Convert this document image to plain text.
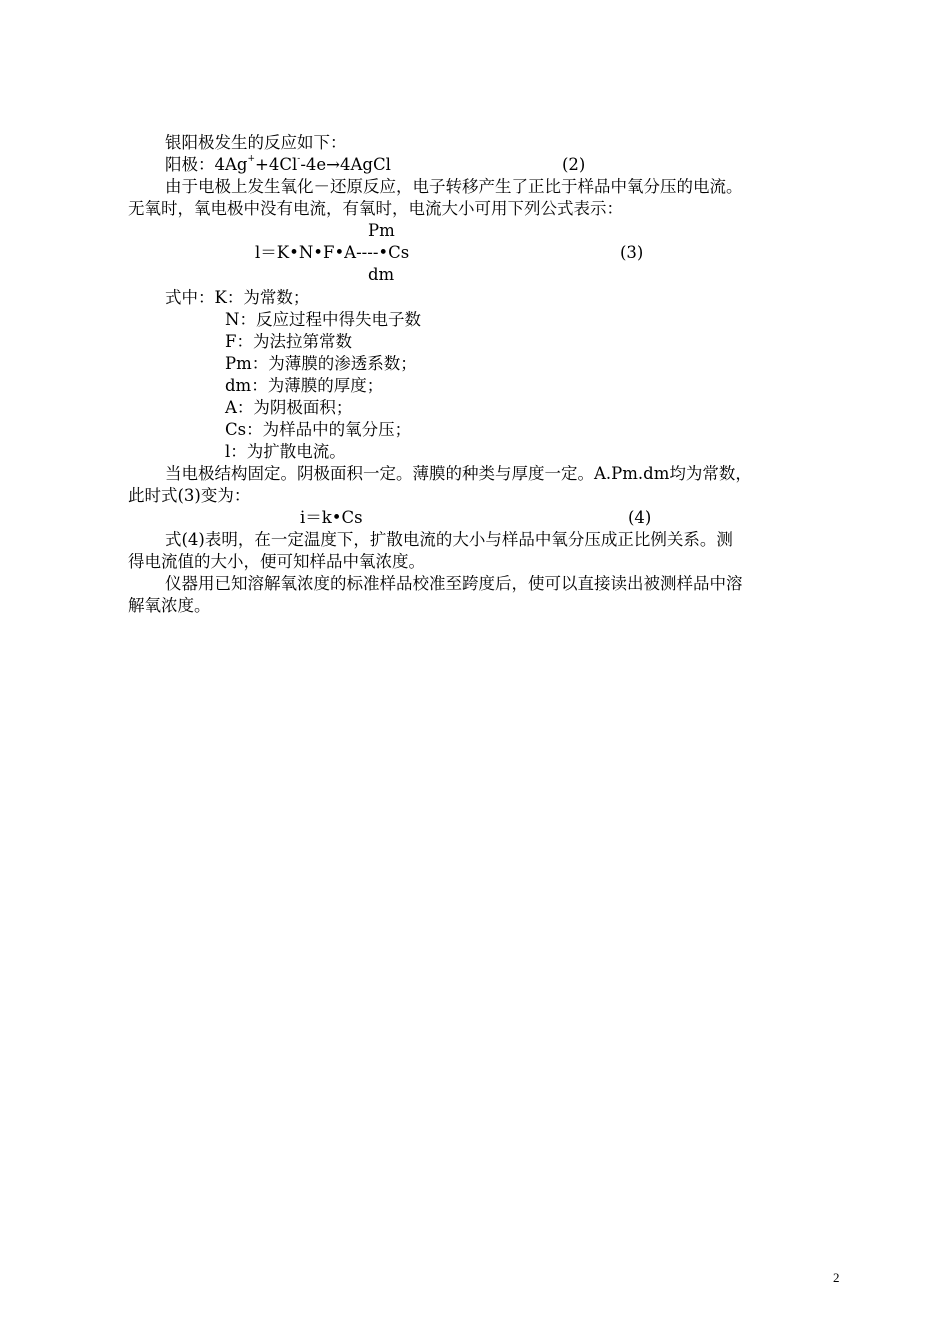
银阳极发生的反应如下：
阳极：4Ag++4Cl--4e→4AgCl	(2)
由于电极上发生氧化－还原反应，电子转移产生了正比于样品中氧分压的电流。
无氧时，氧电极中没有电流，有氧时，电流大小可用下列公式表示：
Pm
l＝K•N•F•A----•Cs	(3)
dm
式中：K：为常数；
N：反应过程中得失电子数
F：为法拉第常数
Pm：为薄膜的渗透系数；
dm：为薄膜的厚度；
A：为阴极面积；
Cs：为样品中的氧分压；
l：为扩散电流。
当电极结构固定。阴极面积一定。薄膜的种类与厚度一定。A.Pm.dm均为常数，
此时式(3)变为：
i＝k•Cs	(4)
式(4)表明，在一定温度下，扩散电流的大小与样品中氧分压成正比例关系。测
得电流值的大小，便可知样品中氧浓度。
仪器用已知溶解氧浓度的标准样品校准至跨度后，使可以直接读出被测样品中溶
解氧浓度。
2
